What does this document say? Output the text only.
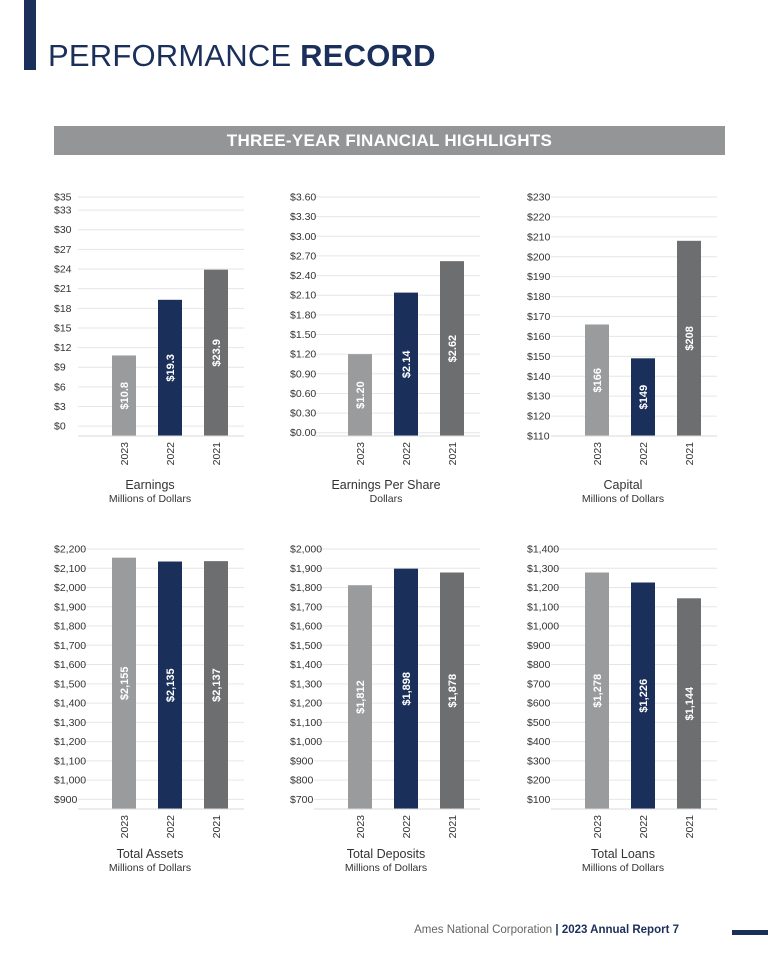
PERFORMANCE RECORD
THREE-YEAR FINANCIAL HIGHLIGHTS
$0
$3
$6
$9
$12
$15
$18
$21
$24
$27
$30
$33
$35
$10.8
2023
$19.3
2022
$23.9
2021
Earnings
Millions of Dollars
$0.00
$0.30
$0.60
$0.90
$1.20
$1.50
$1.80
$2.10
$2.40
$2.70
$3.00
$3.30
$3.60
$1.20
2023
$2.14
2022
$2.62
2021
Earnings Per Share
Dollars
$110
$120
$130
$140
$150
$160
$170
$180
$190
$200
$210
$220
$230
$166
2023
$149
2022
$208
2021
Capital
Millions of Dollars
$900
$1,000
$1,100
$1,200
$1,300
$1,400
$1,500
$1,600
$1,700
$1,800
$1,900
$2,000
$2,100
$2,200
$2,155
2023
$2,135
2022
$2,137
2021
Total Assets
Millions of Dollars
$700
$800
$900
$1,000
$1,100
$1,200
$1,300
$1,400
$1,500
$1,600
$1,700
$1,800
$1,900
$2,000
$1,812
2023
$1,898
2022
$1,878
2021
Total Deposits
Millions of Dollars
$100
$200
$300
$400
$500
$600
$700
$800
$900
$1,000
$1,100
$1,200
$1,300
$1,400
$1,278
2023
$1,226
2022
$1,144
2021
Total Loans
Millions of Dollars
Ames National Corporation | 2023 Annual Report 7
